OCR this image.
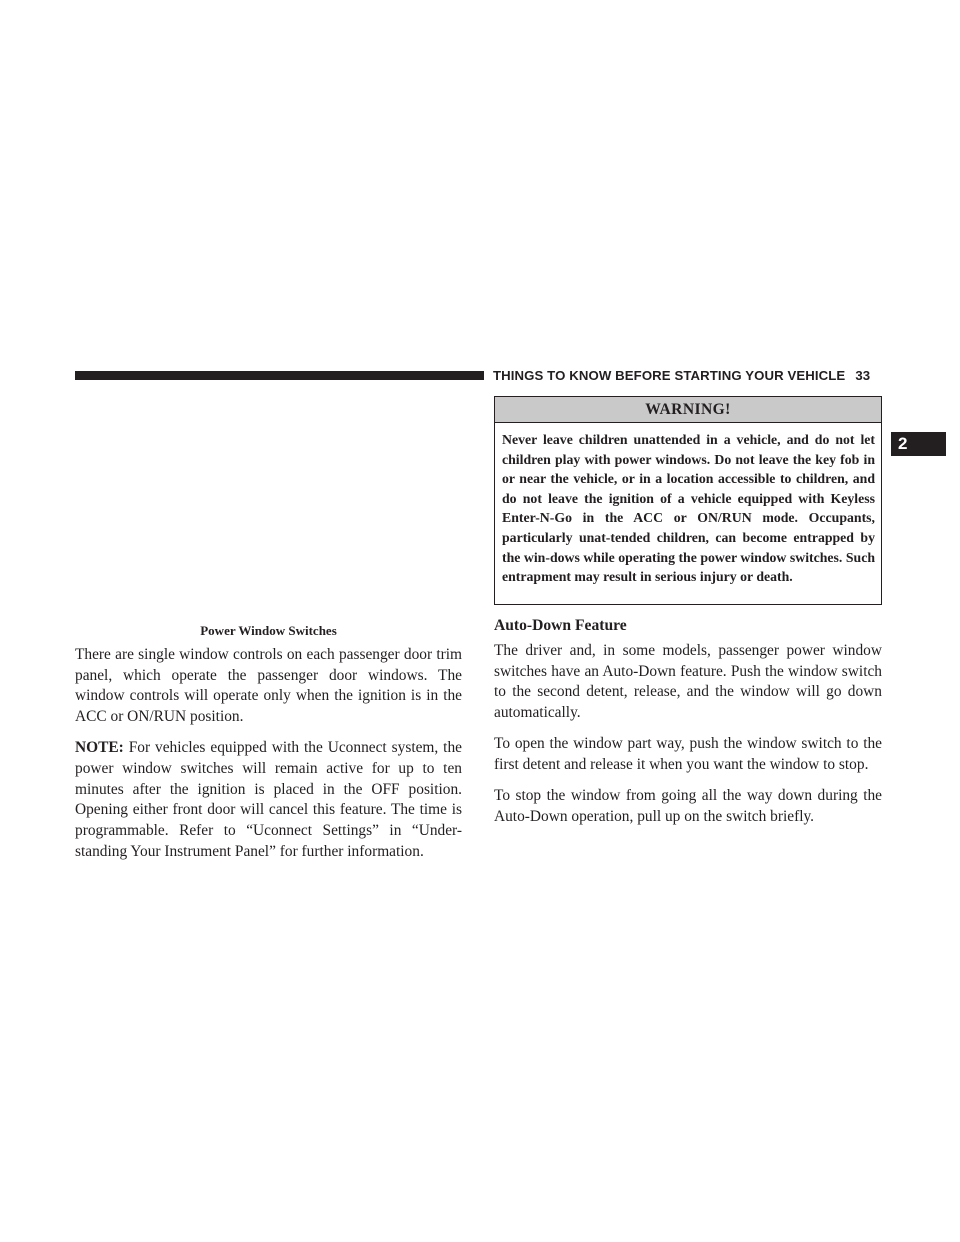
THINGS TO KNOW BEFORE STARTING YOUR VEHICLE 33
2
Power Window Switches

There are single window controls on each passenger door trim panel, which operate the passenger door windows. The window controls will operate only when the ignition is in the ACC or ON/RUN position.

NOTE: For vehicles equipped with the Uconnect system, the power window switches will remain active for up to ten minutes after the ignition is placed in the OFF position. Opening either front door will cancel this feature. The time is programmable. Refer to “Uconnect Settings” in “Under-standing Your Instrument Panel” for further information.

WARNING!
Never leave children unattended in a vehicle, and do not let children play with power windows. Do not leave the key fob in or near the vehicle, or in a location accessible to children, and do not leave the ignition of a vehicle equipped with Keyless Enter-N-Go in the ACC or ON/RUN mode. Occupants, particularly unat-tended children, can become entrapped by the win-dows while operating the power window switches. Such entrapment may result in serious injury or death.
Auto-Down Feature

The driver and, in some models, passenger power window switches have an Auto-Down feature. Push the window switch to the second detent, release, and the window will go down automatically.

To open the window part way, push the window switch to the first detent and release it when you want the window to stop.

To stop the window from going all the way down during the Auto-Down operation, pull up on the switch briefly.
